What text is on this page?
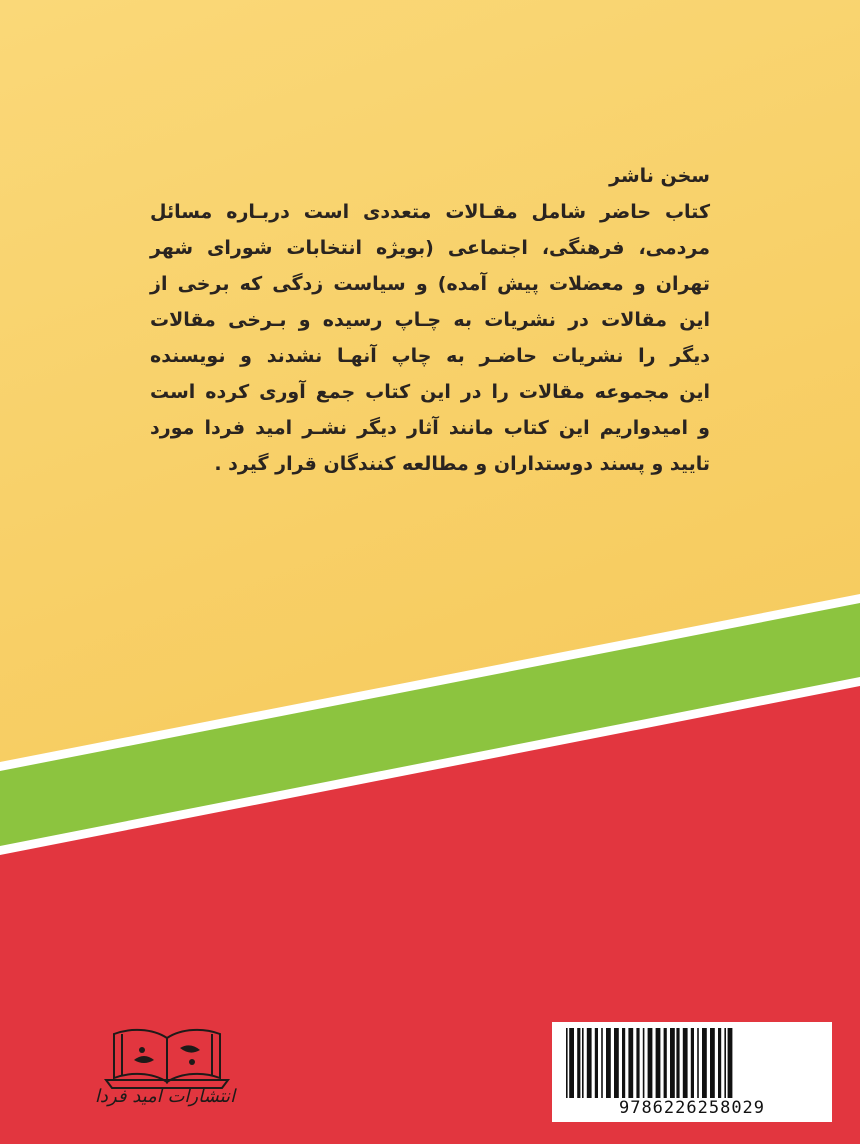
سخن ناشر
کتاب حاضر شامل مقـالات متعددی است دربـاره مسائل
مردمی، فرهنگی، اجتماعی (بویژه انتخابات شورای شهر
تهران و معضلات پیش آمده) و سیاست زدگی که برخی از
این مقالات در نشریات به چـاپ رسیده و بـرخی مقالات
دیگر را نشریات حاضـر به چاپ آنهـا نشدند و نویسنده
این مجموعه مقالات را در این کتاب جمع آوری کرده است
و امیدواریم این کتاب مانند آثار دیگر نشـر امید فردا مورد
تایید و پسند دوستداران و مطالعه کنندگان قرار گیرد .
انتشارات امید فردا
9786226258029
